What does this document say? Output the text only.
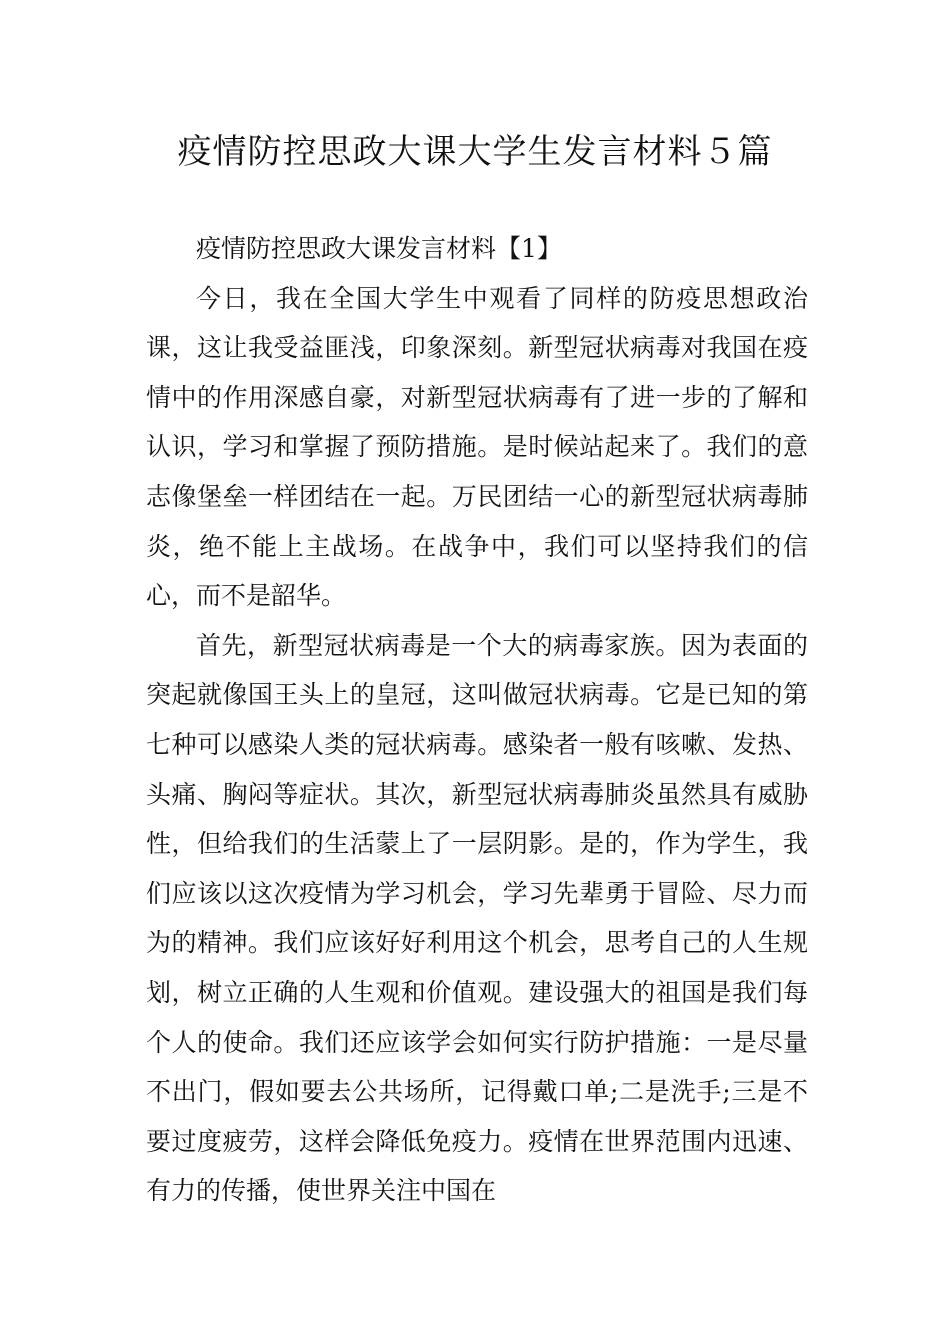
疫情防控思政大课大学生发言材料５篇

疫情防控思政大课发言材料【1】

今日，我在全国大学生中观看了同样的防疫思想政治课，这让我受益匪浅，印象深刻。新型冠状病毒对我国在疫情中的作用深感自豪，对新型冠状病毒有了进一步的了解和认识，学习和掌握了预防措施。是时候站起来了。我们的意志像堡垒一样团结在一起。万民团结一心的新型冠状病毒肺炎，绝不能上主战场。在战争中，我们可以坚持我们的信心，而不是韶华。

首先，新型冠状病毒是一个大的病毒家族。因为表面的突起就像国王头上的皇冠，这叫做冠状病毒。它是已知的第七种可以感染人类的冠状病毒。感染者一般有咳嗽、发热、头痛、胸闷等症状。其次，新型冠状病毒肺炎虽然具有威胁性，但给我们的生活蒙上了一层阴影。是的，作为学生，我们应该以这次疫情为学习机会，学习先辈勇于冒险、尽力而为的精神。我们应该好好利用这个机会，思考自己的人生规划，树立正确的人生观和价值观。建设强大的祖国是我们每个人的使命。我们还应该学会如何实行防护措施：一是尽量不出门，假如要去公共场所，记得戴口单;二是洗手;三是不要过度疲劳，这样会降低免疫力。疫情在世界范围内迅速、有力的传播，使世界关注中国在
